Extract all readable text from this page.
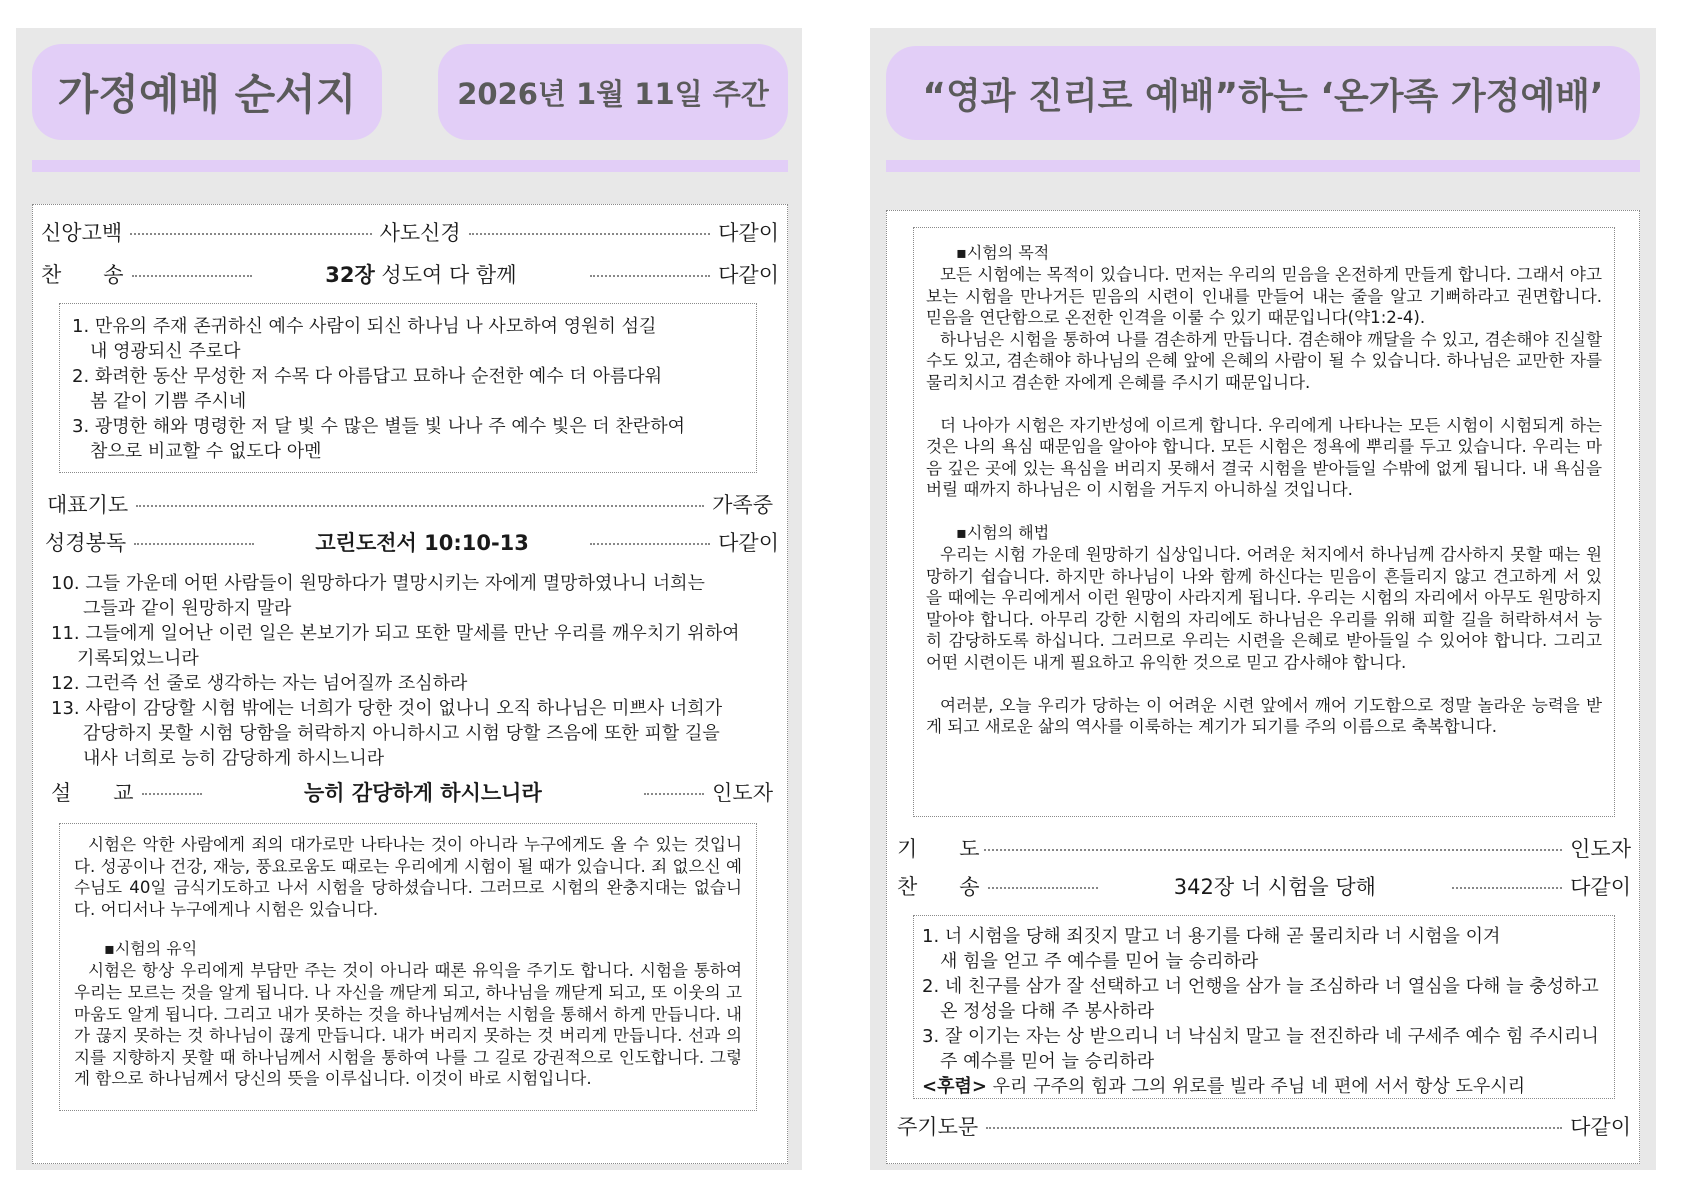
가정예배 순서지	2026년 1월 11일 주간
신앙고백	사도신경	다같이
찬　　송	32장 성도여 다 함께	다같이
1. 만유의 주재 존귀하신 예수 사람이 되신 하나님 나 사모하여 영원히 섬길
내 영광되신 주로다
2. 화려한 동산 무성한 저 수목 다 아름답고 묘하나 순전한 예수 더 아름다워
봄 같이 기쁨 주시네
3. 광명한 해와 명령한 저 달 빛 수 많은 별들 빛 나나 주 예수 빛은 더 찬란하여
참으로 비교할 수 없도다 아멘
대표기도	가족중
성경봉독	고린도전서 10:10-13	다같이
10. 그들 가운데 어떤 사람들이 원망하다가 멸망시키는 자에게 멸망하였나니 너희는
그들과 같이 원망하지 말라
11. 그들에게 일어난 이런 일은 본보기가 되고 또한 말세를 만난 우리를 깨우치기 위하여
기록되었느니라
12. 그런즉 선 줄로 생각하는 자는 넘어질까 조심하라
13. 사람이 감당할 시험 밖에는 너희가 당한 것이 없나니 오직 하나님은 미쁘사 너희가
감당하지 못할 시험 당함을 허락하지 아니하시고 시험 당할 즈음에 또한 피할 길을
내사 너희로 능히 감당하게 하시느니라
설　　교	능히 감당하게 하시느니라	인도자

시험은 악한 사람에게 죄의 대가로만 나타나는 것이 아니라 누구에게도 올 수 있는 것입니다. 성공이나 건강, 재능, 풍요로움도 때로는 우리에게 시험이 될 때가 있습니다. 죄 없으신 예수님도 40일 금식기도하고 나서 시험을 당하셨습니다. 그러므로 시험의 완충지대는 없습니다. 어디서나 누구에게나 시험은 있습니다.

▪시험의 유익

시험은 항상 우리에게 부담만 주는 것이 아니라 때론 유익을 주기도 합니다. 시험을 통하여 우리는 모르는 것을 알게 됩니다. 나 자신을 깨닫게 되고, 하나님을 깨닫게 되고, 또 이웃의 고마움도 알게 됩니다. 그리고 내가 못하는 것을 하나님께서는 시험을 통해서 하게 만듭니다. 내가 끊지 못하는 것 하나님이 끊게 만듭니다. 내가 버리지 못하는 것 버리게 만듭니다. 선과 의지를 지향하지 못할 때 하나님께서 시험을 통하여 나를 그 길로 강권적으로 인도합니다. 그렇게 함으로 하나님께서 당신의 뜻을 이루십니다. 이것이 바로 시험입니다.

“영과 진리로 예배”하는 ‘온가족 가정예배’
▪시험의 목적

모든 시험에는 목적이 있습니다. 먼저는 우리의 믿음을 온전하게 만들게 합니다. 그래서 야고보는 시험을 만나거든 믿음의 시련이 인내를 만들어 내는 줄을 알고 기뻐하라고 권면합니다. 믿음을 연단함으로 온전한 인격을 이룰 수 있기 때문입니다(약1:2-4).

하나님은 시험을 통하여 나를 겸손하게 만듭니다. 겸손해야 깨달을 수 있고, 겸손해야 진실할 수도 있고, 겸손해야 하나님의 은혜 앞에 은혜의 사람이 될 수 있습니다. 하나님은 교만한 자를 물리치시고 겸손한 자에게 은혜를 주시기 때문입니다.

더 나아가 시험은 자기반성에 이르게 합니다. 우리에게 나타나는 모든 시험이 시험되게 하는 것은 나의 욕심 때문임을 알아야 합니다. 모든 시험은 정욕에 뿌리를 두고 있습니다. 우리는 마음 깊은 곳에 있는 욕심을 버리지 못해서 결국 시험을 받아들일 수밖에 없게 됩니다. 내 욕심을 버릴 때까지 하나님은 이 시험을 거두지 아니하실 것입니다.

▪시험의 해법

우리는 시험 가운데 원망하기 십상입니다. 어려운 처지에서 하나님께 감사하지 못할 때는 원망하기 쉽습니다. 하지만 하나님이 나와 함께 하신다는 믿음이 흔들리지 않고 견고하게 서 있을 때에는 우리에게서 이런 원망이 사라지게 됩니다. 우리는 시험의 자리에서 아무도 원망하지 말아야 합니다. 아무리 강한 시험의 자리에도 하나님은 우리를 위해 피할 길을 허락하셔서 능히 감당하도록 하십니다. 그러므로 우리는 시련을 은혜로 받아들일 수 있어야 합니다. 그리고 어떤 시련이든 내게 필요하고 유익한 것으로 믿고 감사해야 합니다.

여러분, 오늘 우리가 당하는 이 어려운 시련 앞에서 깨어 기도함으로 정말 놀라운 능력을 받게 되고 새로운 삶의 역사를 이룩하는 계기가 되기를 주의 이름으로 축복합니다.

기　　도	인도자
찬　　송	342장 너 시험을 당해	다같이
1. 너 시험을 당해 죄짓지 말고 너 용기를 다해 곧 물리치라 너 시험을 이겨
새 힘을 얻고 주 예수를 믿어 늘 승리하라
2. 네 친구를 삼가 잘 선택하고 너 언행을 삼가 늘 조심하라 너 열심을 다해 늘 충성하고
온 정성을 다해 주 봉사하라
3. 잘 이기는 자는 상 받으리니 너 낙심치 말고 늘 전진하라 네 구세주 예수 힘 주시리니
주 예수를 믿어 늘 승리하라
<후렴> 우리 구주의 힘과 그의 위로를 빌라 주님 네 편에 서서 항상 도우시리
주기도문	다같이
